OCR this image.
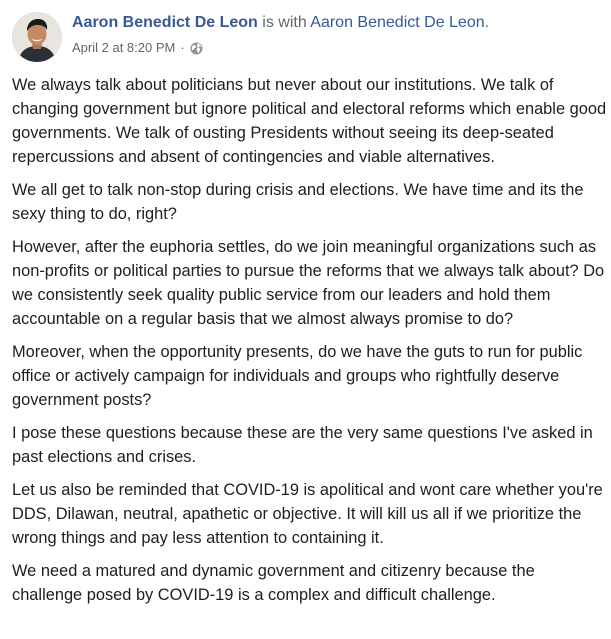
Aaron Benedict De Leon is with Aaron Benedict De Leon.
April 2 at 8:20 PM ·

We always talk about politicians but never about our institutions. We talk of changing government but ignore political and electoral reforms which enable good governments. We talk of ousting Presidents without seeing its deep-seated repercussions and absent of contingencies and viable alternatives.

We all get to talk non-stop during crisis and elections. We have time and its the sexy thing to do, right?

However, after the euphoria settles, do we join meaningful organizations such as non-profits or political parties to pursue the reforms that we always talk about? Do we consistently seek quality public service from our leaders and hold them accountable on a regular basis that we almost always promise to do?

Moreover, when the opportunity presents, do we have the guts to run for public office or actively campaign for individuals and groups who rightfully deserve government posts?

I pose these questions because these are the very same questions I've asked in past elections and crises.

Let us also be reminded that COVID-19 is apolitical and wont care whether you're DDS, Dilawan, neutral, apathetic or objective. It will kill us all if we prioritize the wrong things and pay less attention to containing it.

We need a matured and dynamic government and citizenry because the challenge posed by COVID-19 is a complex and difficult challenge.
